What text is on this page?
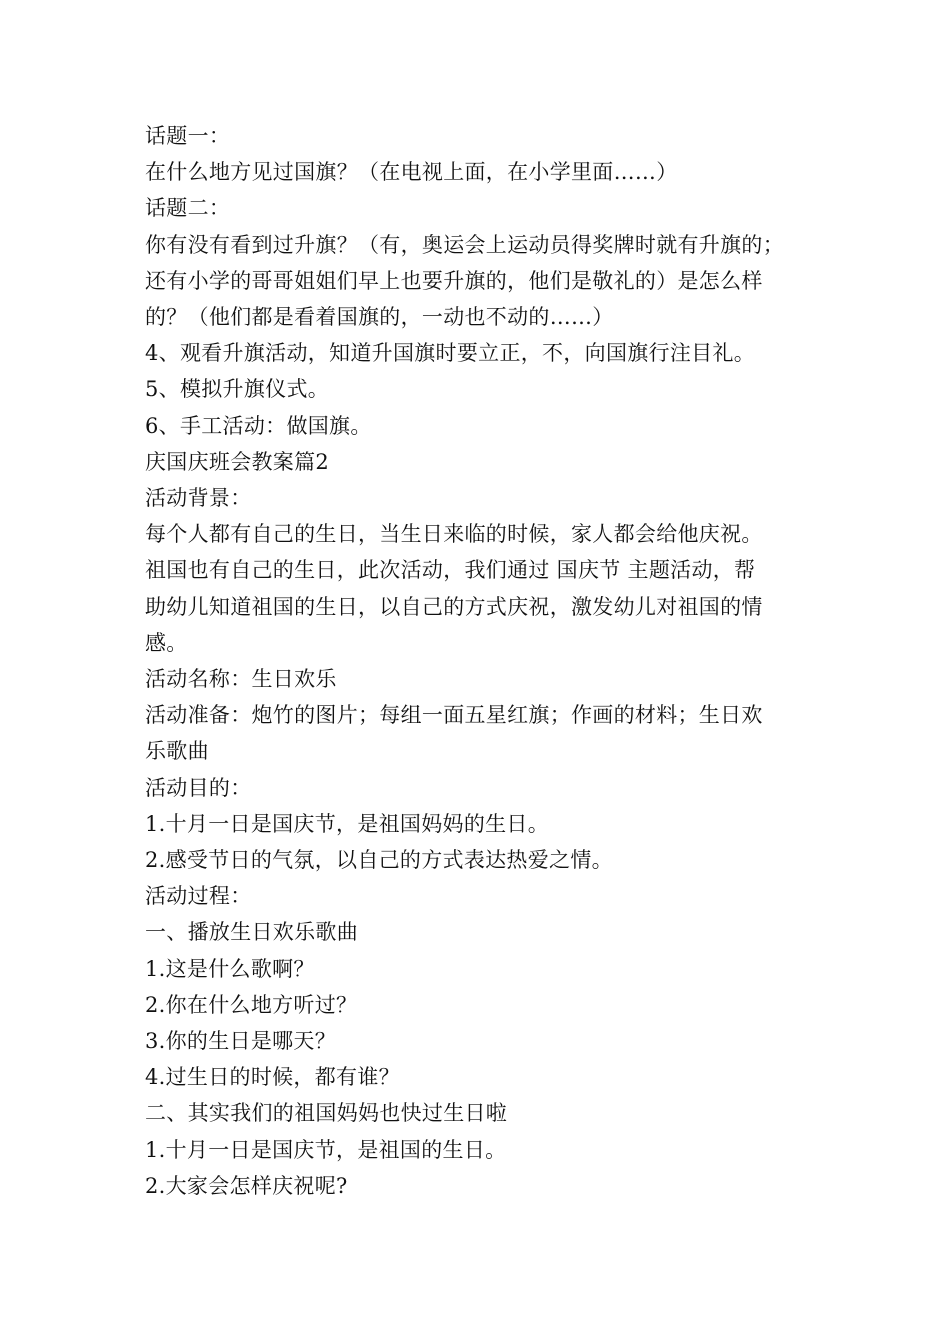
话题一：
在什么地方见过国旗？（在电视上面，在小学里面……）
话题二：
你有没有看到过升旗？（有，奥运会上运动员得奖牌时就有升旗的；
还有小学的哥哥姐姐们早上也要升旗的，他们是敬礼的）是怎么样
的？（他们都是看着国旗的，一动也不动的……）
4、观看升旗活动，知道升国旗时要立正，不，向国旗行注目礼。
5、模拟升旗仪式。
6、手工活动：做国旗。
庆国庆班会教案篇2
活动背景：
每个人都有自己的生日，当生日来临的时候，家人都会给他庆祝。
祖国也有自己的生日，此次活动，我们通过 国庆节 主题活动，帮
助幼儿知道祖国的生日，以自己的方式庆祝，激发幼儿对祖国的情
感。
活动名称：生日欢乐
活动准备：炮竹的图片；每组一面五星红旗；作画的材料；生日欢
乐歌曲
活动目的：
1.十月一日是国庆节，是祖国妈妈的生日。
2.感受节日的气氛，以自己的方式表达热爱之情。
活动过程：
一、播放生日欢乐歌曲
1.这是什么歌啊？
2.你在什么地方听过？
3.你的生日是哪天？
4.过生日的时候，都有谁？
二、其实我们的祖国妈妈也快过生日啦
1.十月一日是国庆节，是祖国的生日。
2.大家会怎样庆祝呢?
